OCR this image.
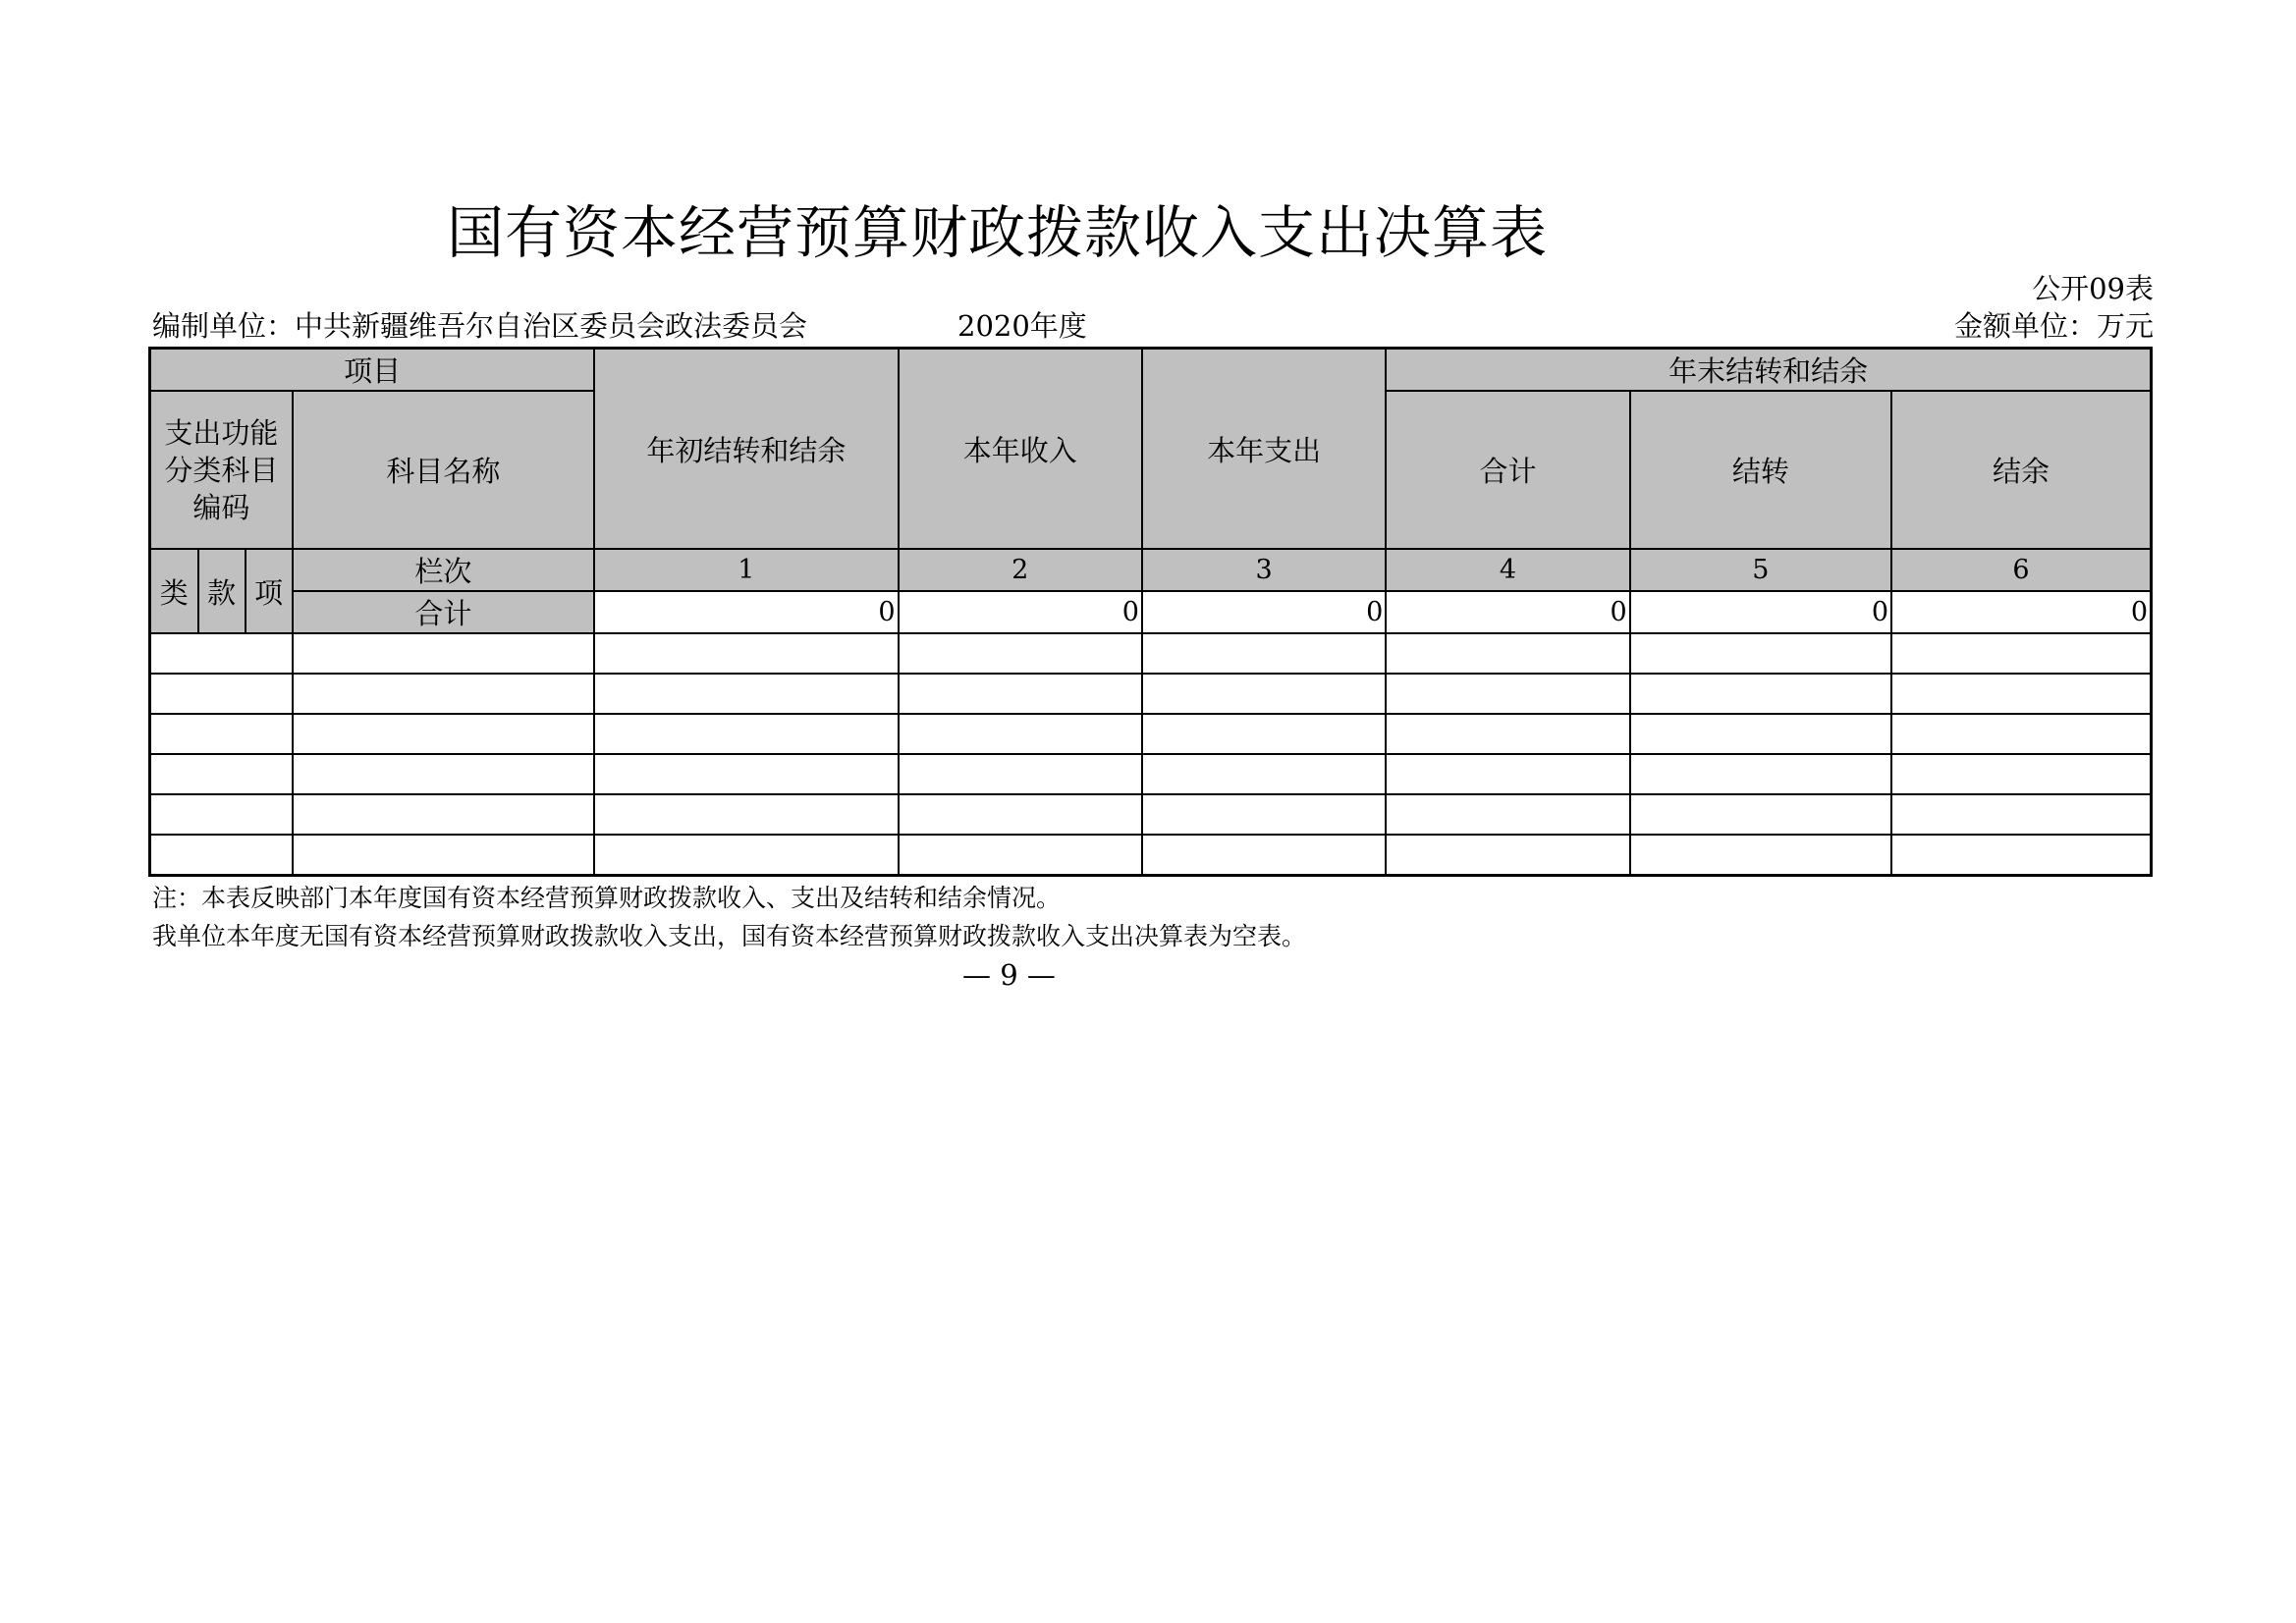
国有资本经营预算财政拨款收入支出决算表
公开09表
编制单位：中共新疆维吾尔自治区委员会政法委员会	2020年度	金额单位：万元
项目				年初结转和结余	本年收入	本年支出	年末结转和结余		
支出功能分类科目编码			科目名称				合计	结转	结余
类	款	项	栏次	1	2	3	4	5	6
			合计	0	0	0	0	0	0

注：本表反映部门本年度国有资本经营预算财政拨款收入、支出及结转和结余情况。
我单位本年度无国有资本经营预算财政拨款收入支出，国有资本经营预算财政拨款收入支出决算表为空表。
— 9 —
